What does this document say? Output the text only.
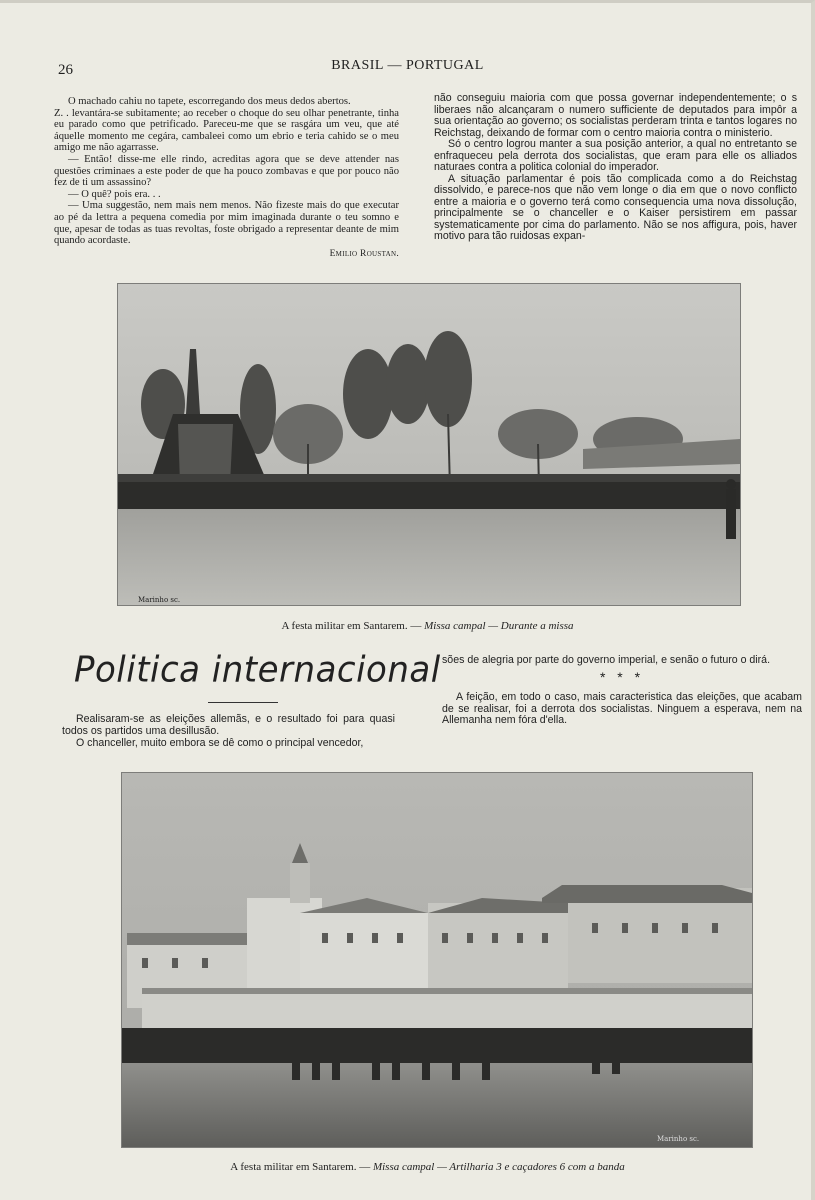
26	BRASIL — PORTUGAL

O machado cahiu no tapete, escorregando dos meus dedos abertos.

Z. . levantára-se subitamente; ao receber o choque do seu olhar penetrante, tinha eu parado como que petrificado. Pareceu-me que se rasgára um veu, que até áquelle momento me cegára, cambaleei como um ebrio e teria cahido se o meu amigo me não agarrasse.

— Então! disse-me elle rindo, acreditas agora que se deve attender nas questões criminaes a este poder de que ha pouco zombavas e que por pouco não fez de ti um assassino?

— O quê? pois era. . .

— Uma suggestão, nem mais nem menos. Não fizeste mais do que executar ao pé da lettra a pequena comedia por mim imaginada durante o teu somno e que, apesar de todas as tuas revoltas, foste obrigado a representar deante de mim quando acordaste.

Emilio Roustan.

não conseguiu maioria com que possa governar independentemente; o s liberaes não alcançaram o numero sufficiente de deputados para impôr a sua orientação ao governo; os socialistas perderam trinta e tantos logares no Reichstag, deixando de formar com o centro maioria contra o ministerio.

Só o centro logrou manter a sua posição anterior, a qual no entretanto se enfraqueceu pela derrota dos socialistas, que eram para elle os alliados naturaes contra a politica colonial do imperador.

A situação parlamentar é pois tão complicada como a do Reichstag dissolvido, e parece-nos que não vem longe o dia em que o novo conflicto entre a maioria e o governo terá como consequencia uma nova dissolução, principalmente se o chanceller e o Kaiser persistirem em passar systematicamente por cima do parlamento. Não se nos affigura, pois, haver motivo para tão ruidosas expan-

Marinho sc.
A festa militar em Santarem. — Missa campal — Durante a missa
Politica internacional

Realisaram-se as eleições allemãs, e o resultado foi para quasi todos os partidos uma desillusão.

O chanceller, muito embora se dê como o principal vencedor,

sões de alegria por parte do governo imperial, e senão o futuro o dirá.

* * *

A feição, em todo o caso, mais caracteristica das eleições, que acabam de se realisar, foi a derrota dos socialistas. Ninguem a esperava, nem na Allemanha nem fóra d'ella.

Marinho sc.
A festa militar em Santarem. — Missa campal — Artilharia 3 e caçadores 6 com a banda
